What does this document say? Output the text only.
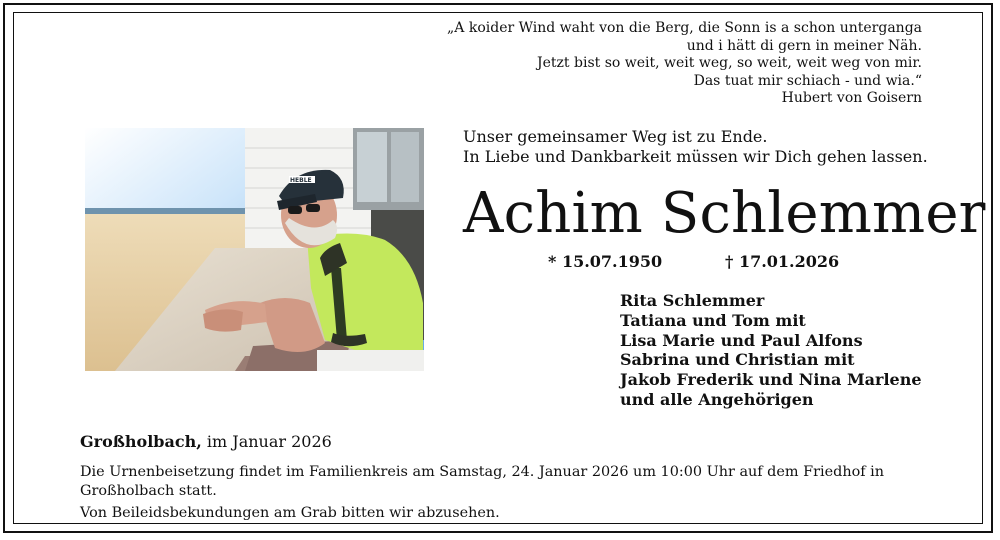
„A koider Wind waht von die Berg, die Sonn is a schon unterganga
und i hätt di gern in meiner Näh.
Jetzt bist so weit, weit weg, so weit, weit weg von mir.
Das tuat mir schiach - und wia.“
Hubert von Goisern
HEBLE
Unser gemeinsamer Weg ist zu Ende.
In Liebe und Dankbarkeit müssen wir Dich gehen lassen.
Achim Schlemmer
* 15.07.1950	† 17.01.2026
Rita Schlemmer
Tatiana und Tom mit
Lisa Marie und Paul Alfons
Sabrina und Christian mit
Jakob Frederik und Nina Marlene
und alle Angehörigen
Großholbach, im Januar 2026
Die Urnenbeisetzung findet im Familienkreis am Samstag, 24. Januar 2026 um 10:00 Uhr auf dem Friedhof in Großholbach statt.
Von Beileidsbekundungen am Grab bitten wir abzusehen.
